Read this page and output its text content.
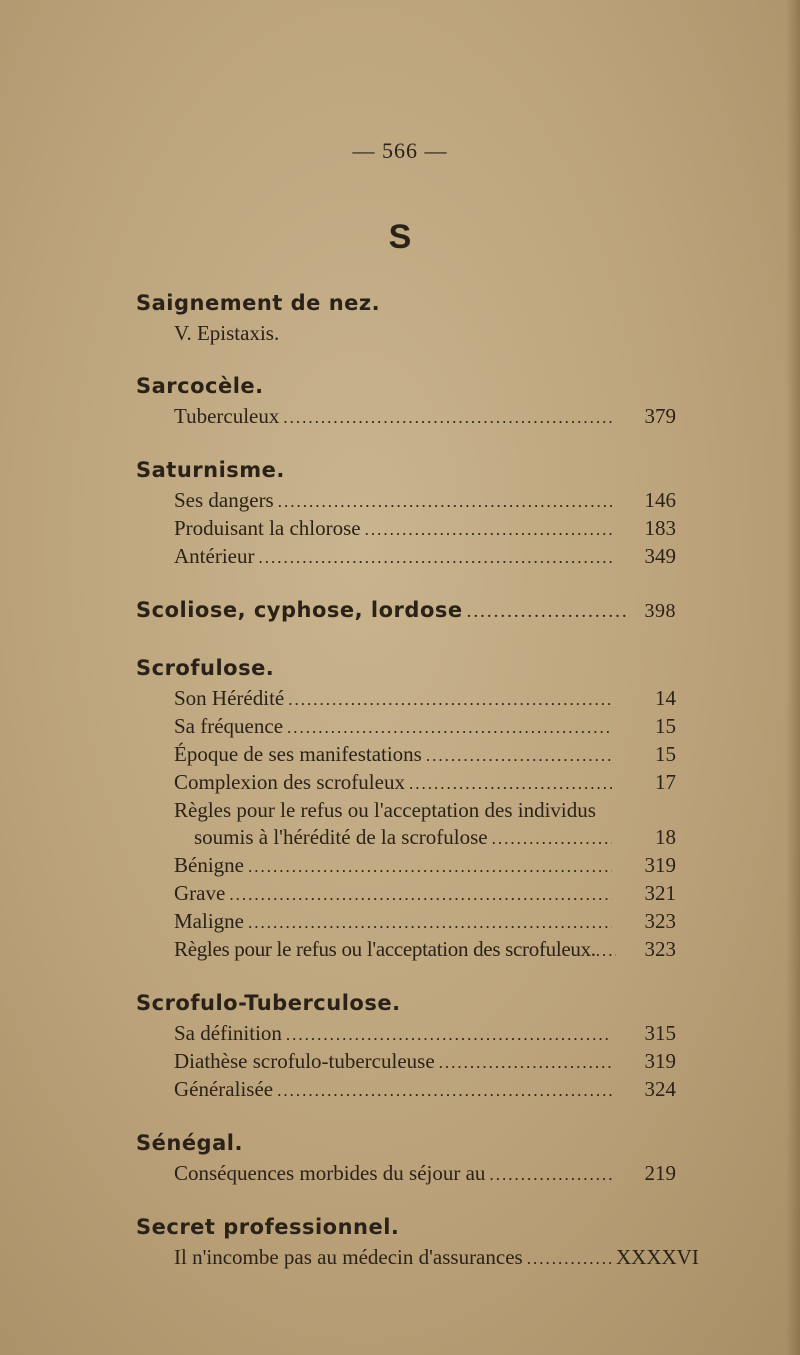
— 566 —
S
Saignement de nez.
V. Epistaxis.
Sarcocèle.
Tuberculeux .....	379
Saturnisme.
Ses dangers .....	146
Produisant la chlorose .....	183
Antérieur .....	349
Scoliose, cyphose, lordose .....	398
Scrofulose.
Son Hérédité .....	14
Sa fréquence .....	15
Époque de ses manifestations .....	15
Complexion des scrofuleux .....	17
Règles pour le refus ou l'acceptation des individus
soumis à l'hérédité de la scrofulose .....	18
Bénigne .....	319
Grave .....	321
Maligne .....	323
Règles pour le refus ou l'acceptation des scrofuleux. .....	323
Scrofulo-Tuberculose.
Sa définition .....	315
Diathèse scrofulo-tuberculeuse .....	319
Généralisée .....	324
Sénégal.
Conséquences morbides du séjour au .....	219
Secret professionnel.
Il n'incombe pas au médecin d'assurances .....	XXXXVI
